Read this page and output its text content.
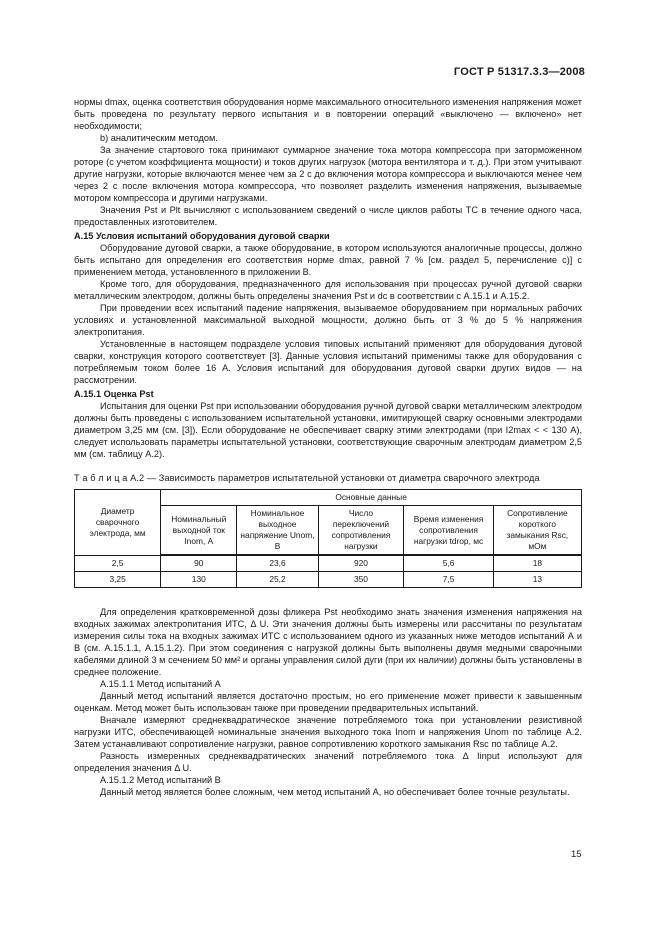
ГОСТ Р 51317.3.3—2008

нормы dmax, оценка соответствия оборудования норме максимального относительного изменения напряжения может быть проведена по результату первого испытания и в повторении операций «выключено — включено» нет необходимости;

b) аналитическим методом.

За значение стартового тока принимают суммарное значение тока мотора компрессора при заторможенном роторе (с учетом коэффициента мощности) и токов других нагрузок (мотора вентилятора и т. д.). При этом учитывают другие нагрузки, которые включаются менее чем за 2 с до включения мотора компрессора и выключаются менее чем через 2 с после включения мотора компрессора, что позволяет разделить изменения напряжения, вызываемые мотором компрессора и другими нагрузками.

Значения Pst и Plt вычисляют с использованием сведений о числе циклов работы ТС в течение одного часа, предоставленных изготовителем.

А.15 Условия испытаний оборудования дуговой сварки

Оборудование дуговой сварки, а также оборудование, в котором используются аналогичные процессы, должно быть испытано для определения его соответствия норме dmax, равной 7 % [см. раздел 5, перечисление с)] с применением метода, установленного в приложении В.

Кроме того, для оборудования, предназначенного для использования при процессах ручной дуговой сварки металлическим электродом, должны быть определены значения Pst и dc в соответствии с А.15.1 и А.15.2.

При проведении всех испытаний падение напряжения, вызываемое оборудованием при нормальных рабочих условиях и установленной максимальной выходной мощности, должно быть от 3 % до 5 % напряжения электропитания.

Установленные в настоящем подразделе условия типовых испытаний применяют для оборудования дуговой сварки, конструкция которого соответствует [3]. Данные условия испытаний применимы также для оборудования с потребляемым током более 16 А. Условия испытаний для оборудования дуговой сварки других видов — на рассмотрении.

А.15.1 Оценка Pst

Испытания для оценки Pst при использовании оборудования ручной дуговой сварки металлическим электродом должны быть проведены с использованием испытательной установки, имитирующей сварку основными электродами диаметром 3,25 мм (см. [3]). Если оборудование не обеспечивает сварку этими электродами (при I2max < < 130 А), следует использовать параметры испытательной установки, соответствующие сварочным электродам диаметром 2,5 мм (см. таблицу А.2).

Т а б л и ц а А.2 — Зависимость параметров испытательной установки от диаметра сварочного электрода

Диаметр сварочного электрода, мм	Основные данные				
	Номинальный выходной ток Inom, А	Номинальное выходное напряжение Unom, В	Число переключений сопротивления нагрузки	Время изменения сопротивления нагрузки tdrop, мс	Сопротивление короткого замыкания Rsc, мОм
2,5	90	23,6	920	5,6	18
3,25	130	25,2	350	7,5	13

Для определения кратковременной дозы фликера Pst необходимо знать значения изменения напряжения на входных зажимах электропитания ИТС, Δ U. Эти значения должны быть измерены или рассчитаны по результатам измерения силы тока на входных зажимах ИТС с использованием одного из указанных ниже методов испытаний А и В (см. А.15.1.1, А.15.1.2). При этом соединения с нагрузкой должны быть выполнены двумя медными сварочными кабелями длиной 3 м сечением 50 мм² и органы управления силой дуги (при их наличии) должны быть установлены в среднее положение.

А.15.1.1 Метод испытаний А

Данный метод испытаний является достаточно простым, но его применение может привести к завышенным оценкам. Метод может быть использован также при проведении предварительных испытаний.

Вначале измеряют среднеквадратическое значение потребляемого тока при установлении резистивной нагрузки ИТС, обеспечивающей номинальные значения выходного тока Inom и напряжения Unom по таблице А.2. Затем устанавливают сопротивление нагрузки, равное сопротивлению короткого замыкания Rsc по таблице А.2.

Разность измеренных среднеквадратических значений потребляемого тока Δ Iinput используют для определения значения Δ U.

А.15.1.2 Метод испытаний В

Данный метод является более сложным, чем метод испытаний А, но обеспечивает более точные результаты.

15
